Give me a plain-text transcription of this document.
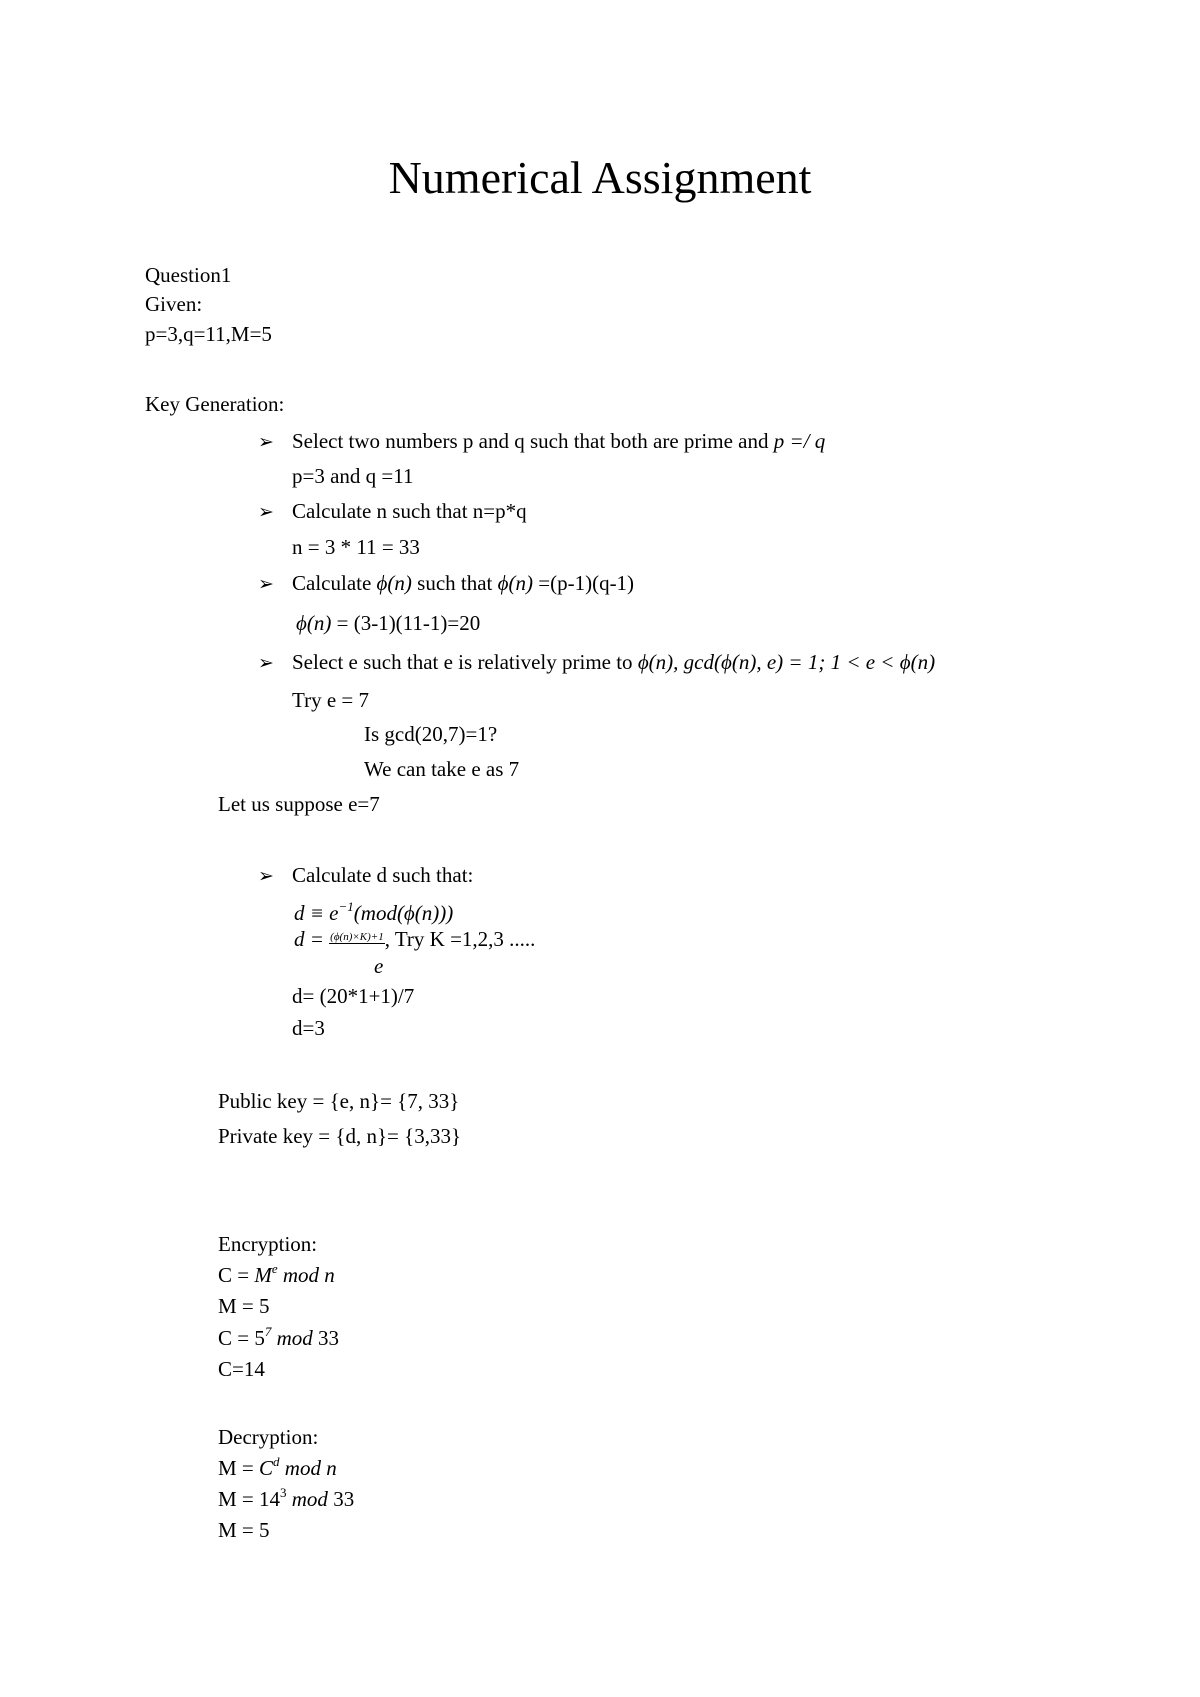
Numerical Assignment
Question1
Given:
p=3,q=11,M=5
Key Generation:
➢ Select two numbers p and q such that both are prime and p =/ q
p=3 and q =11
➢ Calculate n such that n=p*q
n = 3 * 11 = 33
➢ Calculate ϕ(n) such that ϕ(n) =(p-1)(q-1)
ϕ(n) = (3-1)(11-1)=20
➢ Select e such that e is relatively prime to ϕ(n), gcd(ϕ(n), e) = 1; 1 < e < ϕ(n)
Try e = 7
Is gcd(20,7)=1?
We can take e as 7
Let us suppose e=7
➢ Calculate d such that:
$d \equiv e^{-1}(mod(\phi(n)))$
d = (ϕ(n)×K)+1, Try K =1,2,3 .....
e
d= (20*1+1)/7
d=3
Public key = {e, n}= {7, 33}
Private key = {d, n}= {3,33}
Encryption:
$C = M^e$ mod n
M = 5
$C = 5^7$ mod 33
C=14
Decryption:
$M = C^d$ mod n
$M = 14^3$ mod 33
M = 5
